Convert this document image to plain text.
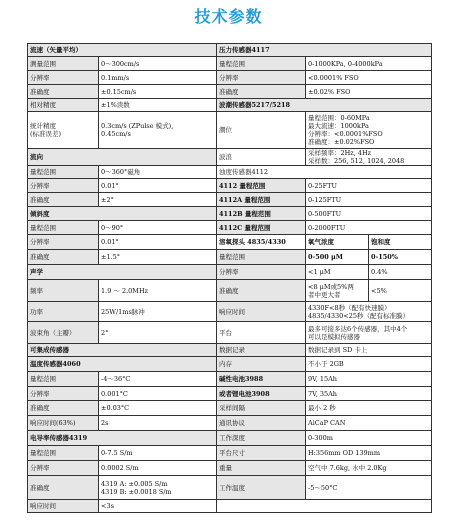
技术参数
流速（矢量平均）		压力传感器4117		
测量范围	0～300cm/s	量程范围	0-1000KPa, 0-4000kPa	
分辨率	0.1mm/s	分辨率	<0.0001% FSO	
准确度	±0.15cm/s	准确度	±0.02% FSO	
相对精度	±1%读数	波潮传感器5217/5218		
统计精度
(标准误差)	0.3cm/s (ZPulse 模式),
0.45cm/s	潮位	量程范围：0-60MPa
最大流速：1000kPa
分辨率：<0.0001%FSO
准确度：±0.02%FSO	
流向		波浪	采样频率：2Hz, 4Hz
采样数：256, 512, 1024, 2048	
量程范围	0～360°磁角	浊度传感器4112		
分辨率	0.01°	4112 量程范围	0-25FTU	
准确度	±2°	4112A 量程范围	0-125FTU	
倾斜度		4112B 量程范围	0-500FTU	
量程范围	0～90°	4112C 量程范围	0-2000FTU	
分辨率	0.01°	溶氧探头 4835/4330	氧气浓度	饱和度
准确度	±1.5°	量程范围	0-500 μM	0-150%
声学		分辨率	<1 μM	0.4%
频率	1.9 ～ 2.0MHz	准确度	<8 μM或5%两
者中更大者	<5%
功率	25W/1ms脉冲	响应时间	4330F<8秒（配有快速膜）
4835/4330<25秒（配有标准膜）	
波束角（主瓣）	2°	平台	最多可接多达6个传感器，其中4个
可以是模拟传感器	
可集成传感器		数据记录	数据记录到 SD 卡上	
温度传感器4060		内存	不小于 2GB	
量程范围	-4～36°C	碱性电池3988	9V, 15Ah	
分辨率	0.001°C	或者锂电池3908	7V, 35Ah	
准确度	±0.03°C	采样间隔	最小 2 秒	
响应时间(63%)	2s	通讯协议	AiCaP CAN	
电导率传感器4319		工作深度	0-300m	
量程范围	0-7.5 S/m	平台尺寸	H:356mm OD 139mm	
分辨率	0.0002 S/m	重量	空气中 7.6kg, 水中 2.0Kg	
准确度	4319 A: ±0.005 S/m
4319 B: ±0.0018 S/m	工作温度	-5～50°C	
响应时间	<3s			
